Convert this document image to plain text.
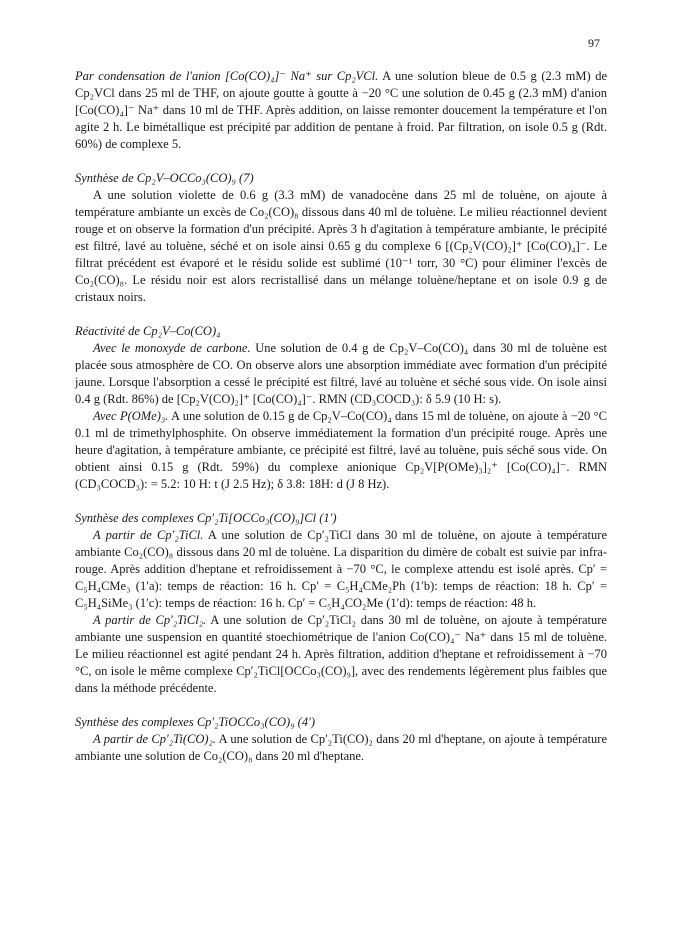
97

Par condensation de l'anion [Co(CO)₄]⁻ Na⁺ sur Cp₂VCl. A une solution bleue de 0.5 g (2.3 mM) de Cp₂VCl dans 25 ml de THF, on ajoute goutte à goutte à −20 °C une solution de 0.45 g (2.3 mM) d'anion [Co(CO)₄]⁻ Na⁺ dans 10 ml de THF. Après addition, on laisse remonter doucement la température et l'on agite 2 h. Le bimétallique est précipité par addition de pentane à froid. Par filtration, on isole 0.5 g (Rdt. 60%) de complexe 5.

Synthèse de Cp₂V–OCCo₃(CO)₉ (7)

A une solution violette de 0.6 g (3.3 mM) de vanadocène dans 25 ml de toluène, on ajoute à température ambiante un excès de Co₂(CO)₈ dissous dans 40 ml de toluène. Le milieu réactionnel devient rouge et on observe la formation d'un précipité. Après 3 h d'agitation à température ambiante, le précipité est filtré, lavé au toluène, séché et on isole ainsi 0.65 g du complexe 6 [(Cp₂V(CO)₂]⁺ [Co(CO)₄]⁻. Le filtrat précédent est évaporé et le résidu solide est sublimé (10⁻¹ torr, 30 °C) pour éliminer l'excès de Co₂(CO)₈. Le résidu noir est alors recristallisé dans un mélange toluène/heptane et on isole 0.9 g de cristaux noirs.

Réactivité de Cp₂V–Co(CO)₄

Avec le monoxyde de carbone. Une solution de 0.4 g de Cp₂V–Co(CO)₄ dans 30 ml de toluène est placée sous atmosphère de CO. On observe alors une absorption immédiate avec formation d'un précipité jaune. Lorsque l'absorption a cessé le précipité est filtré, lavé au toluène et séché sous vide. On isole ainsi 0.4 g (Rdt. 86%) de [Cp₂V(CO)₂]⁺ [Co(CO)₄]⁻. RMN (CD₃COCD₃): δ 5.9 (10 H: s).

Avec P(OMe)₃. A une solution de 0.15 g de Cp₂V–Co(CO)₄ dans 15 ml de toluène, on ajoute à −20 °C 0.1 ml de trimethylphosphite. On observe immédiatement la formation d'un précipité rouge. Après une heure d'agitation, à température ambiante, ce précipité est filtré, lavé au toluène, puis séché sous vide. On obtient ainsi 0.15 g (Rdt. 59%) du complexe anionique Cp₂V[P(OMe)₃]₂⁺ [Co(CO)₄]⁻. RMN (CD₃COCD₃): = 5.2: 10 H: t (J 2.5 Hz); δ 3.8: 18H: d (J 8 Hz).

Synthèse des complexes Cp′₂Ti[OCCo₃(CO)₉]Cl (1′)

A partir de Cp′₂TiCl. A une solution de Cp′₂TiCl dans 30 ml de toluène, on ajoute à température ambiante Co₂(CO)₈ dissous dans 20 ml de toluène. La disparition du dimère de cobalt est suivie par infra-rouge. Après addition d'heptane et refroidissement à −70 °C, le complexe attendu est isolé après. Cp′ = C₅H₄CMe₃ (1′a): temps de réaction: 16 h. Cp′ = C₅H₄CMe₂Ph (1′b): temps de réaction: 18 h. Cp′ = C₅H₄SiMe₃ (1′c): temps de réaction: 16 h. Cp′ = C₅H₄CO₂Me (1′d): temps de réaction: 48 h.

A partir de Cp′₂TiCl₂. A une solution de Cp′₂TiCl₂ dans 30 ml de toluène, on ajoute à température ambiante une suspension en quantité stoechiométrique de l'anion Co(CO)₄⁻ Na⁺ dans 15 ml de toluène. Le milieu réactionnel est agité pendant 24 h. Après filtration, addition d'heptane et refroidissement à −70 °C, on isole le même complexe Cp′₂TiCl[OCCo₃(CO)₉], avec des rendements légèrement plus faibles que dans la méthode précédente.

Synthèse des complexes Cp′₂TiOCCo₃(CO)₉ (4′)

A partir de Cp′₂Ti(CO)₂. A une solution de Cp′₂Ti(CO)₂ dans 20 ml d'heptane, on ajoute à température ambiante une solution de Co₂(CO)₈ dans 20 ml d'heptane.
